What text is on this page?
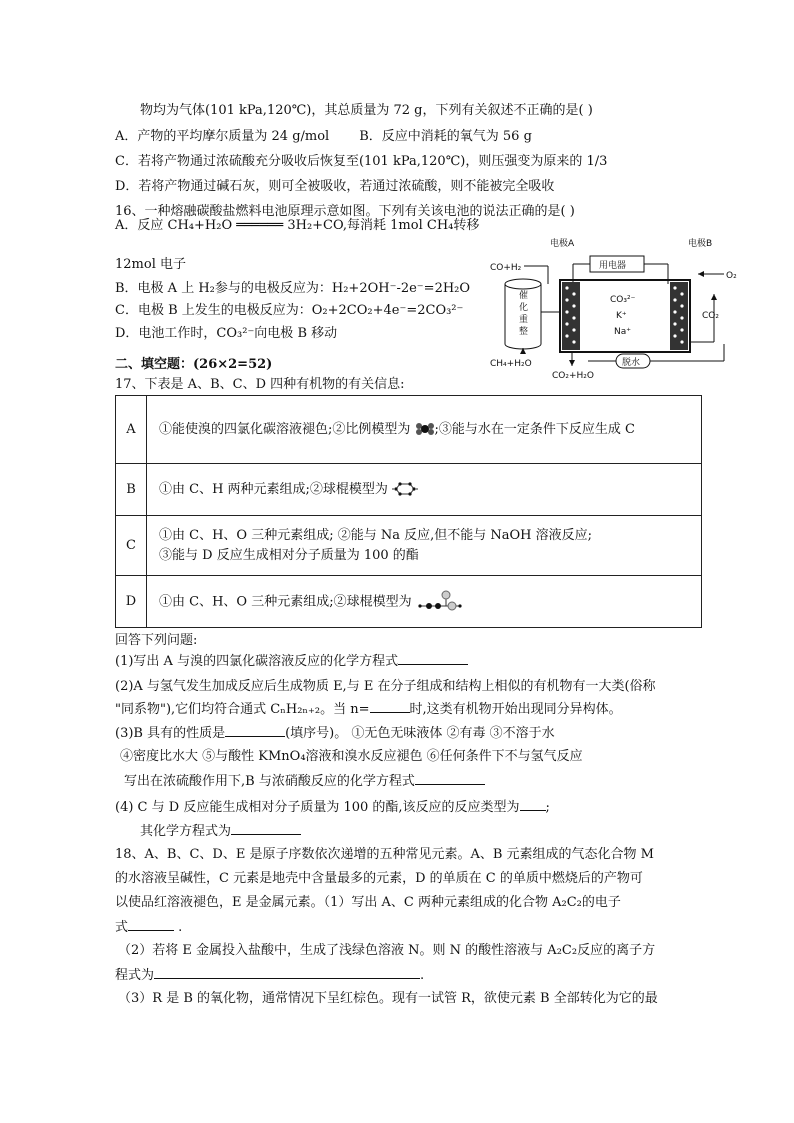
物均为气体(101 kPa,120℃)，其总质量为 72 g，下列有关叙述不正确的是( )
A．产物的平均摩尔质量为 24 g/mol B．反应中消耗的氧气为 56 g
C．若将产物通过浓硫酸充分吸收后恢复至(101 kPa,120℃)，则压强变为原来的 1/3
D．若将产物通过碱石灰，则可全被吸收，若通过浓硫酸，则不能被完全吸收
16、一种熔融碳酸盐燃料电池原理示意如图。下列有关该电池的说法正确的是( )
A．反应 CH₄+H₂O ══════ 3H₂+CO,每消耗 1mol CH₄转移
12mol 电子
B．电极 A 上 H₂参与的电极反应为：H₂+2OH⁻-2e⁻=2H₂O
C．电极 B 上发生的电极反应为：O₂+2CO₂+4e⁻=2CO₃²⁻
D．电池工作时，CO₃²⁻向电极 B 移动
电极A	电极B
用电器
CO+H₂
O₂
CO₃²⁻
K⁺
Na⁺
CO₂
催
化
重
整
CH₄+H₂O
CO₂+H₂O
脱水
二、填空题：(26×2=52)
17、下表是 A、B、C、D 四种有机物的有关信息:
A	①能使溴的四氯化碳溶液褪色;②比例模型为 ;③能与水在一定条件下反应生成 C
B	①由 C、H 两种元素组成;②球棍模型为
C	①由 C、H、O 三种元素组成; ②能与 Na 反应,但不能与 NaOH 溶液反应;
③能与 D 反应生成相对分子质量为 100 的酯

D	①由 C、H、O 三种元素组成;②球棍模型为
回答下列问题:
(1)写出 A 与溴的四氯化碳溶液反应的化学方程式
(2)A 与氢气发生加成反应后生成物质 E,与 E 在分子组成和结构上相似的有机物有一大类(俗称
"同系物"),它们均符合通式 CₙH₂ₙ₊₂。当 n=	时,这类有机物开始出现同分异构体。
(3)B 具有的性质是	(填序号)。 ①无色无味液体 ②有毒 ③不溶于水
④密度比水大 ⑤与酸性 KMnO₄溶液和溴水反应褪色 ⑥任何条件下不与氢气反应
写出在浓硫酸作用下,B 与浓硝酸反应的化学方程式
(4) C 与 D 反应能生成相对分子质量为 100 的酯,该反应的反应类型为 ;
其化学方程式为
18、A、B、C、D、E 是原子序数依次递增的五种常见元素。A、B 元素组成的气态化合物 M
的水溶液呈碱性，C 元素是地壳中含量最多的元素，D 的单质在 C 的单质中燃烧后的产物可
以使品红溶液褪色，E 是金属元素。（1）写出 A、C 两种元素组成的化合物 A₂C₂的电子
式	.
（2）若将 E 金属投入盐酸中，生成了浅绿色溶液 N。则 N 的酸性溶液与 A₂C₂反应的离子方
程式为	.
（3）R 是 B 的氧化物，通常情况下呈红棕色。现有一试管 R，欲使元素 B 全部转化为它的最
